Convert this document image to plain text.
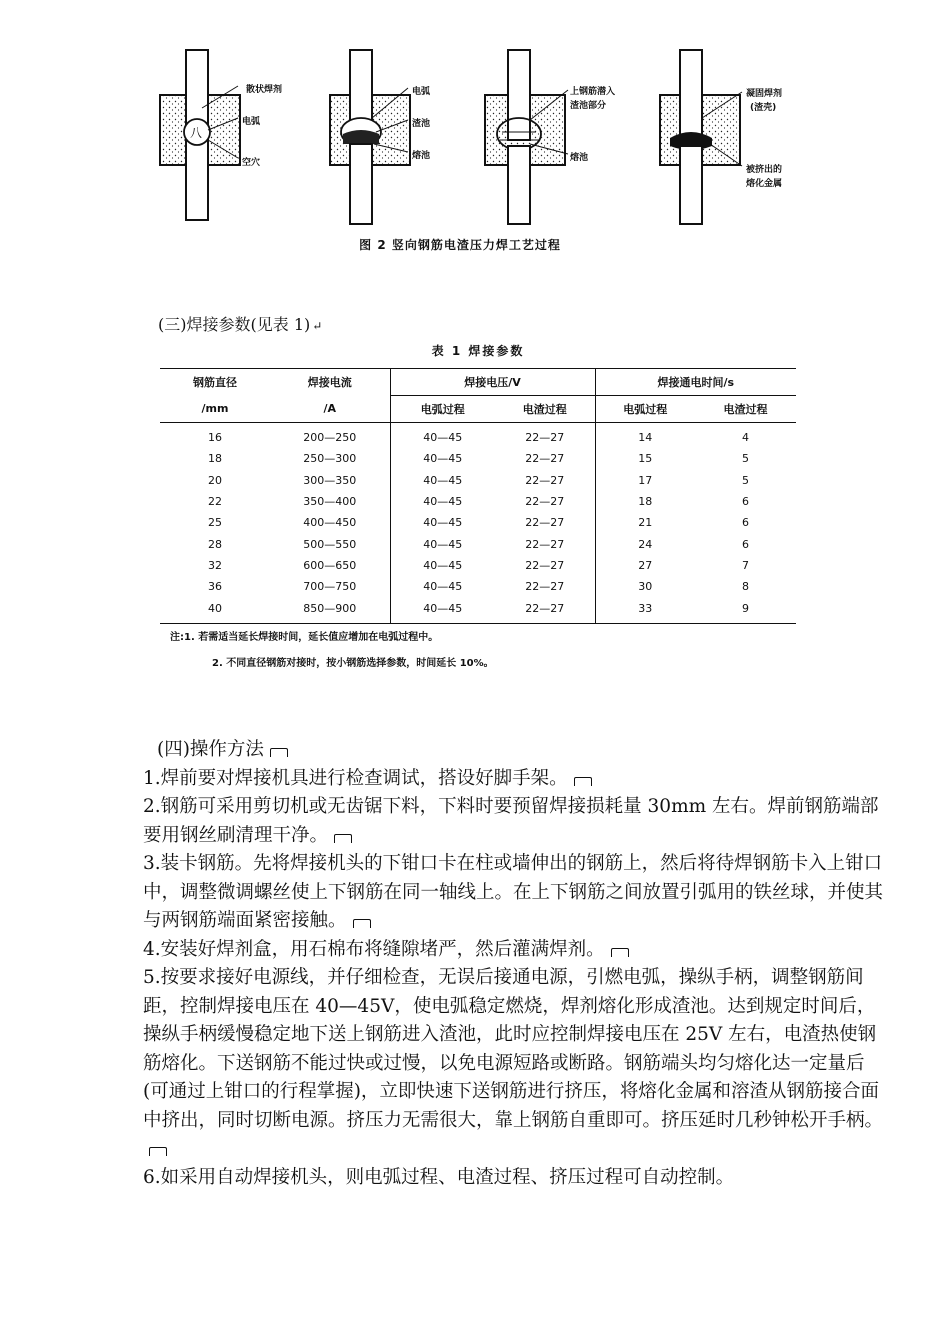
八
散状焊剂
电弧
空穴
电弧
渣池
熔池
上钢筋潜入
渣池部分
熔池
凝固焊剂
(渣壳)
被挤出的
熔化金属
图 2 竖向钢筋电渣压力焊工艺过程
(三)焊接参数(见表 1) ↵
表 1 焊接参数
钢筋直径	焊接电流	焊接电压/V		焊接通电时间/s	
/mm	/A	电弧过程	电渣过程	电弧过程	电渣过程
16	200—250	40—45	22—27	14	4
18	250—300	40—45	22—27	15	5
20	300—350	40—45	22—27	17	5
22	350—400	40—45	22—27	18	6
25	400—450	40—45	22—27	21	6
28	500—550	40—45	22—27	24	6
32	600—650	40—45	22—27	27	7
36	700—750	40—45	22—27	30	8
40	850—900	40—45	22—27	33	9
注:1. 若需适当延长焊接时间，延长值应增加在电弧过程中。
2. 不同直径钢筋对接时，按小钢筋选择参数，时间延长 10%。

(四)操作方法

1.焊前要对焊接机具进行检查调试，搭设好脚手架。

2.钢筋可采用剪切机或无齿锯下料，下料时要预留焊接损耗量 30mm 左右。焊前钢筋端部要用钢丝刷清理干净。

3.装卡钢筋。先将焊接机头的下钳口卡在柱或墙伸出的钢筋上，然后将待焊钢筋卡入上钳口中，调整微调螺丝使上下钢筋在同一轴线上。在上下钢筋之间放置引弧用的铁丝球，并使其与两钢筋端面紧密接触。

4.安装好焊剂盒，用石棉布将缝隙堵严，然后灌满焊剂。

5.按要求接好电源线，并仔细检查，无误后接通电源，引燃电弧，操纵手柄，调整钢筋间距，控制焊接电压在 40—45V，使电弧稳定燃烧，焊剂熔化形成渣池。达到规定时间后，操纵手柄缓慢稳定地下送上钢筋进入渣池，此时应控制焊接电压在 25V 左右，电渣热使钢筋熔化。下送钢筋不能过快或过慢，以免电源短路或断路。钢筋端头均匀熔化达一定量后(可通过上钳口的行程掌握)，立即快速下送钢筋进行挤压，将熔化金属和溶渣从钢筋接合面中挤出，同时切断电源。挤压力无需很大，靠上钢筋自重即可。挤压延时几秒钟松开手柄。

6.如采用自动焊接机头，则电弧过程、电渣过程、挤压过程可自动控制。
